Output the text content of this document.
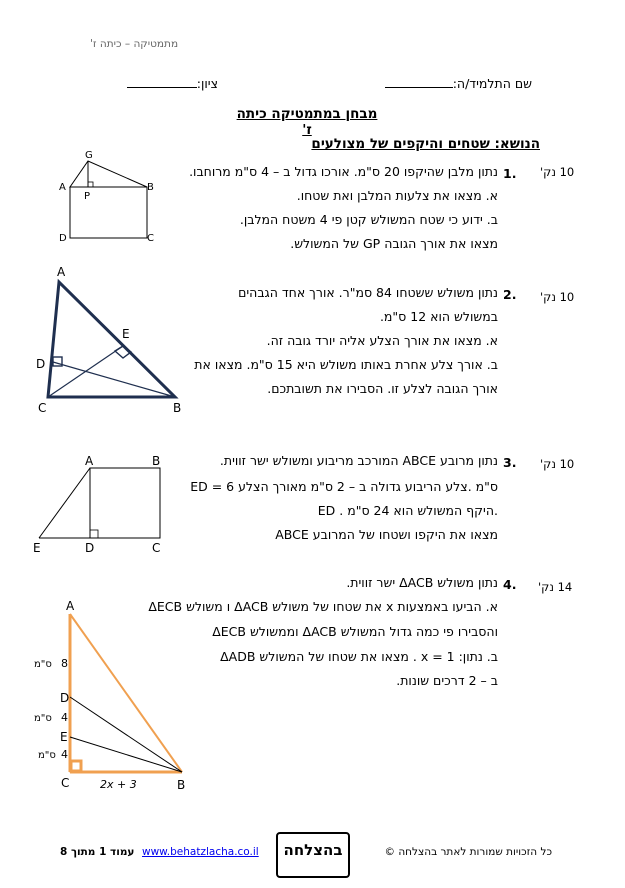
מתמטיקה – כיתה ז'
שם התלמיד/ה:
ציון:
מבחן במתמטיקה כיתה ז'
הנושא: שטחים והיקפים של מצולעים
10 נק'
1.
נתון מלבן שהיקפו 20 ס"מ. אורכו גדול ב – 4 ס"מ מרוחבו.
א. מצאו את צלעות המלבן ואת שטחו.
ב. ידוע כי שטח המשולש קטן פי 4 משטח המלבן.
מצאו את אורך הגובה GP של המשולש.
G
A	B
P
D	C
10 נק'
2.
נתון משולש ששטחו 84 סמ"ר. אורך אחד הגבהים
במשולש הוא 12 ס"מ.
א. מצאו את אורך הצלע אליה יורד גובה זה.
ב. אורך צלע אחרת באותו משולש היא 15 ס"מ. מצאו את
אורך הגובה לצלע זו. הסבירו את תשובתכם.
A
E
D
C	B
10 נק'
3.
נתון מרובע ABCE המורכב מריבוע ומשולש ישר זווית.
ED = 6 ס"מ .צלע הריבוע גדולה ב – 2 ס"מ מאורך הצלע
ED . היקף המשולש הוא 24 ס"מ.
מצאו את היקפו ושטחו של המרובע ABCE
A	B
E	D	C
14 נק'
4.
נתון משולש ΔACB ישר זווית.
א. הביעו באמצעות x את שטחו של משולש ΔACB ו משולש ΔECB
והסבירו פי כמה גדול המשולש ΔACB וממשולש ΔECB
ב. נתון: x = 1 . מצאו את שטחו של המשולש ΔADB
ב – 2 דרכים שונות.
A
8
ס"מ
D
4
ס"מ
E
ס"מ 4
C	2x + 3	B
עמוד 1 מתוך 8 www.behatzlacha.co.il	בהצלחה	כל הזכויות שמורות לאתר בהצלחה ©
